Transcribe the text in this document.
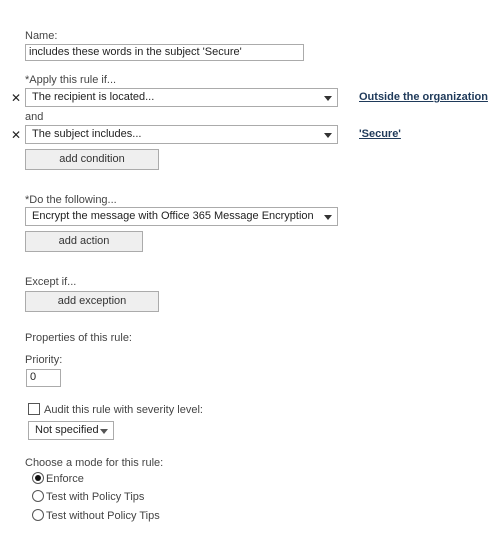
Name:
includes these words in the subject 'Secure'
*Apply this rule if...
✕ The recipient is located...	Outside the organization
and
✕ The subject includes...	'Secure'
add condition
*Do the following...
Encrypt the message with Office 365 Message Encryption
add action
Except if...
add exception
Properties of this rule:
Priority:
0
Audit this rule with severity level:
Not specified
Choose a mode for this rule:
Enforce
Test with Policy Tips
Test without Policy Tips
